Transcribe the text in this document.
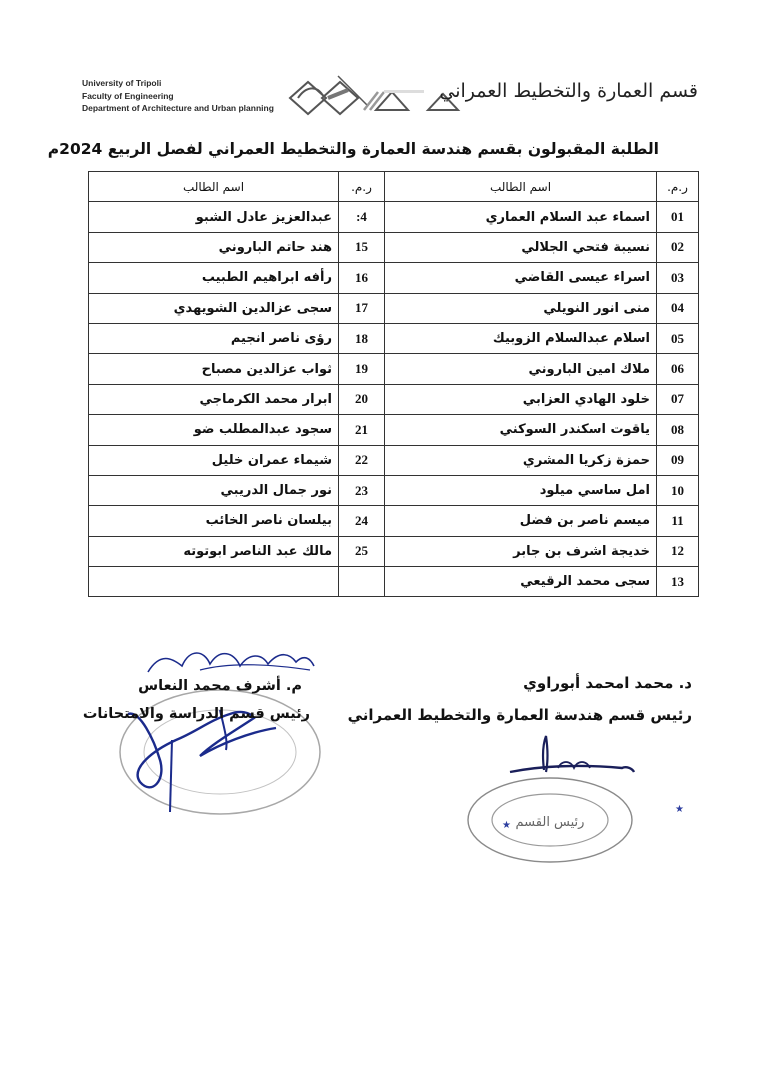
University of Tripoli
Faculty of Engineering
Department of Architecture and Urban planning
قسم العمارة والتخطيط العمراني
الطلبة المقبولون بقسم هندسة العمارة والتخطيط العمراني لفصل الربيع 2024م
ر.م.	اسم الطالب	ر.م.	اسم الطالب
01	اسماء عبد السلام العماري	4:	عبدالعزيز عادل الشبو
02	نسيبة فتحي الجلالي	15	هند حاتم الباروني
03	اسراء عيسى القاضي	16	رأفه ابراهيم الطبيب
04	منى انور النويلي	17	سجى عزالدين الشويهدي
05	اسلام عبدالسلام الزوبيك	18	رؤى ناصر انجيم
06	ملاك امين الباروني	19	ثواب عزالدين مصباح
07	خلود الهادي العزابي	20	ابرار محمد الكرماجي
08	ياقوت اسكندر السوكني	21	سجود عبدالمطلب ضو
09	حمزة زكريا المشري	22	شيماء عمران خليل
10	امل ساسي ميلود	23	نور جمال الدريبي
11	ميسم ناصر بن فضل	24	بيلسان ناصر الخائب
12	خديجة اشرف بن جابر	25	مالك عبد الناصر ابوتوته
13	سجى محمد الرقيعي		
م. أشرف محمد النعاس
رئيس قسم الدراسة والامتحانات
★
★ رئيس القسم
د. محمد امحمد أبوراوي
رئيس قسم هندسة العمارة والتخطيط العمراني
